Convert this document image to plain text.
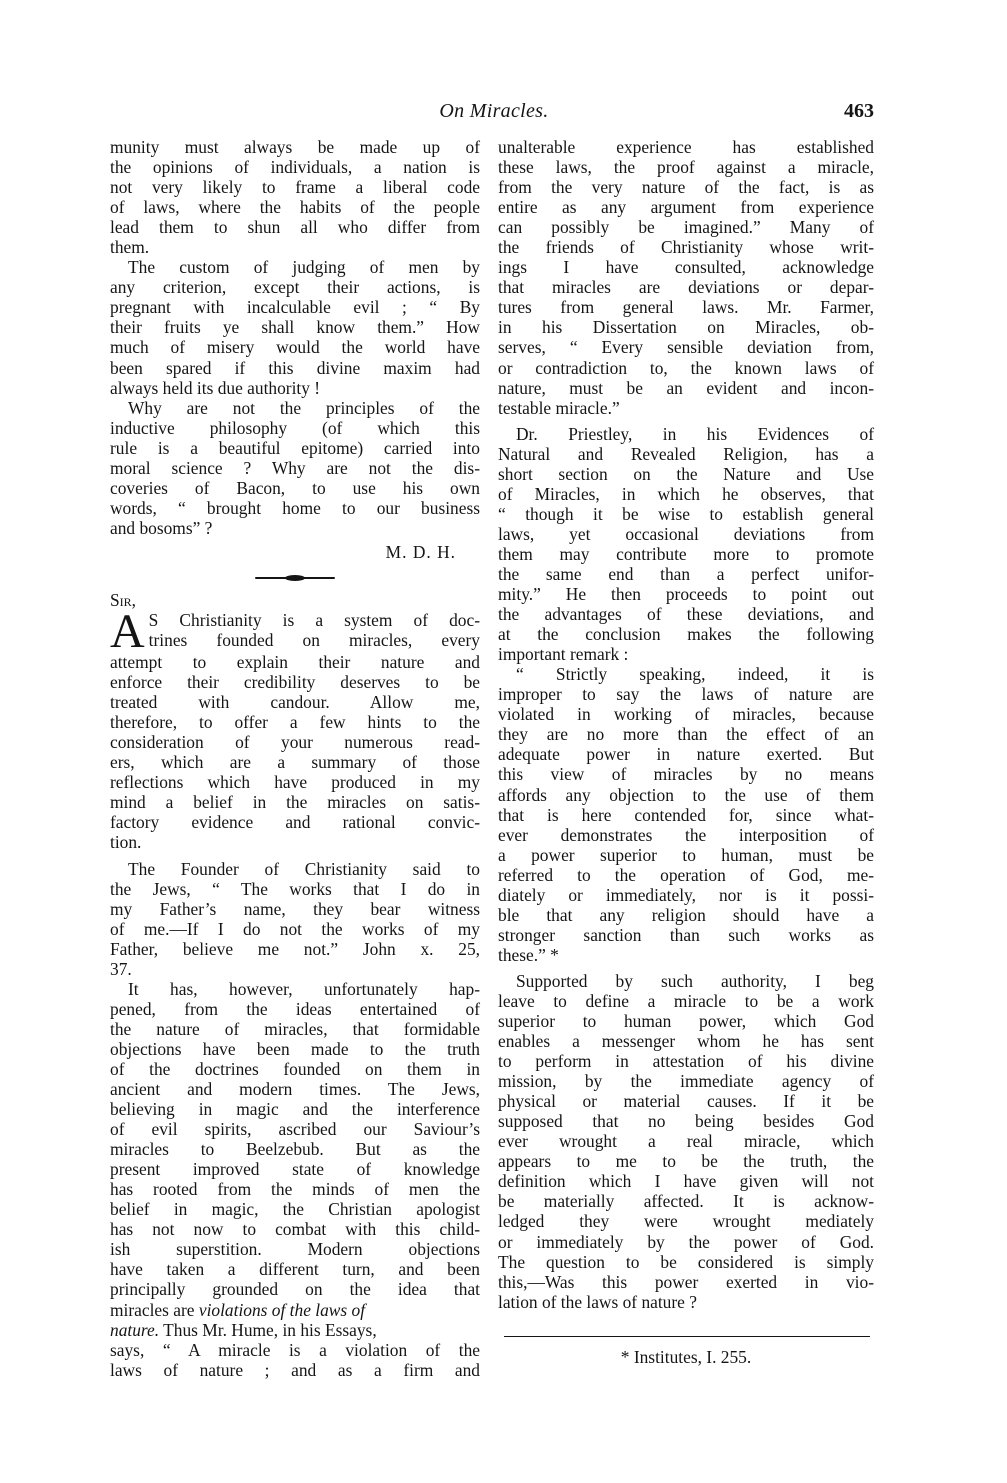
On Miracles.	463
munity must always be made up of
the opinions of individuals, a nation is
not very likely to frame a liberal code
of laws, where the habits of the people
lead them to shun all who differ from
them.
The custom of judging of men by
any criterion, except their actions, is
pregnant with incalculable evil ; “ By
their fruits ye shall know them.” How
much of misery would the world have
been spared if this divine maxim had
always held its due authority !
Why are not the principles of the
inductive philosophy (of which this
rule is a beautiful epitome) carried into
moral science ? Why are not the dis-
coveries of Bacon, to use his own
words, “ brought home to our business
and bosoms” ?
M. D. H.
Sir,
A S Christianity is a system of doc-
trines founded on miracles, every
attempt to explain their nature and
enforce their credibility deserves to be
treated with candour. Allow me,
therefore, to offer a few hints to the
consideration of your numerous read-
ers, which are a summary of those
reflections which have produced in my
mind a belief in the miracles on satis-
factory evidence and rational convic-
tion.
The Founder of Christianity said to
the Jews, “ The works that I do in
my Father’s name, they bear witness
of me.—If I do not the works of my
Father, believe me not.” John x. 25,
37.
It has, however, unfortunately hap-
pened, from the ideas entertained of
the nature of miracles, that formidable
objections have been made to the truth
of the doctrines founded on them in
ancient and modern times. The Jews,
believing in magic and the interference
of evil spirits, ascribed our Saviour’s
miracles to Beelzebub. But as the
present improved state of knowledge
has rooted from the minds of men the
belief in magic, the Christian apologist
has not now to combat with this child-
ish superstition. Modern objections
have taken a different turn, and been
principally grounded on the idea that
miracles are violations of the laws of
nature. Thus Mr. Hume, in his Essays,
says, “ A miracle is a violation of the
laws of nature ; and as a firm and
unalterable experience has established
these laws, the proof against a miracle,
from the very nature of the fact, is as
entire as any argument from experience
can possibly be imagined.” Many of
the friends of Christianity whose writ-
ings I have consulted, acknowledge
that miracles are deviations or depar-
tures from general laws. Mr. Farmer,
in his Dissertation on Miracles, ob-
serves, “ Every sensible deviation from,
or contradiction to, the known laws of
nature, must be an evident and incon-
testable miracle.”
Dr. Priestley, in his Evidences of
Natural and Revealed Religion, has a
short section on the Nature and Use
of Miracles, in which he observes, that
“ though it be wise to establish general
laws, yet occasional deviations from
them may contribute more to promote
the same end than a perfect unifor-
mity.” He then proceeds to point out
the advantages of these deviations, and
at the conclusion makes the following
important remark :
“ Strictly speaking, indeed, it is
improper to say the laws of nature are
violated in working of miracles, because
they are no more than the effect of an
adequate power in nature exerted. But
this view of miracles by no means
affords any objection to the use of them
that is here contended for, since what-
ever demonstrates the interposition of
a power superior to human, must be
referred to the operation of God, me-
diately or immediately, nor is it possi-
ble that any religion should have a
stronger sanction than such works as
these.” *
Supported by such authority, I beg
leave to define a miracle to be a work
superior to human power, which God
enables a messenger whom he has sent
to perform in attestation of his divine
mission, by the immediate agency of
physical or material causes. If it be
supposed that no being besides God
ever wrought a real miracle, which
appears to me to be the truth, the
definition which I have given will not
be materially affected. It is acknow-
ledged they were wrought mediately
or immediately by the power of God.
The question to be considered is simply
this,—Was this power exerted in vio-
lation of the laws of nature ?
* Institutes, I. 255.
